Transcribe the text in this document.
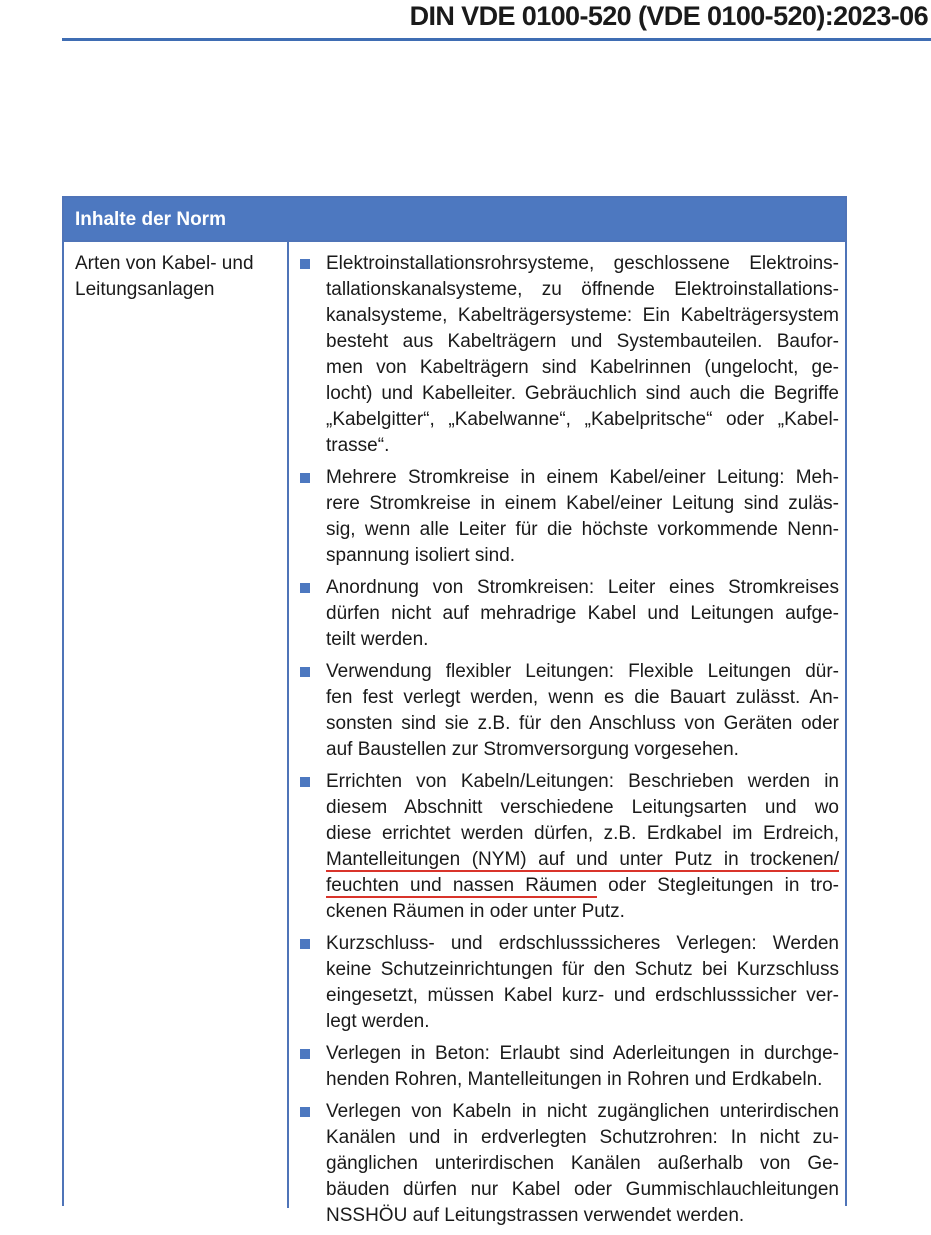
DIN VDE 0100-520 (VDE 0100-520):2023-06
Inhalte der Norm
Arten von Kabel- und
Leitungsanlagen
Elektroinstallationsrohrsysteme, geschlossene Elektroins-
tallationskanalsysteme, zu öffnende Elektroinstallations-
kanalsysteme, Kabelträgersysteme: Ein Kabelträgersystem
besteht aus Kabelträgern und Systembauteilen. Baufor-
men von Kabelträgern sind Kabelrinnen (ungelocht, ge-
locht) und Kabelleiter. Gebräuchlich sind auch die Begriffe
„Kabelgitter“, „Kabelwanne“, „Kabelpritsche“ oder „Kabel-
trasse“.
Mehrere Stromkreise in einem Kabel/einer Leitung: Meh-
rere Stromkreise in einem Kabel/einer Leitung sind zuläs-
sig, wenn alle Leiter für die höchste vorkommende Nenn-
spannung isoliert sind.
Anordnung von Stromkreisen: Leiter eines Stromkreises
dürfen nicht auf mehradrige Kabel und Leitungen aufge-
teilt werden.
Verwendung flexibler Leitungen: Flexible Leitungen dür-
fen fest verlegt werden, wenn es die Bauart zulässt. An-
sonsten sind sie z.B. für den Anschluss von Geräten oder
auf Baustellen zur Stromversorgung vorgesehen.
Errichten von Kabeln/Leitungen: Beschrieben werden in
diesem Abschnitt verschiedene Leitungsarten und wo
diese errichtet werden dürfen, z.B. Erdkabel im Erdreich,
Mantelleitungen (NYM) auf und unter Putz in trockenen/
feuchten und nassen Räumen oder Stegleitungen in tro-
ckenen Räumen in oder unter Putz.
Kurzschluss- und erdschlusssicheres Verlegen: Werden
keine Schutzeinrichtungen für den Schutz bei Kurzschluss
eingesetzt, müssen Kabel kurz- und erdschlusssicher ver-
legt werden.
Verlegen in Beton: Erlaubt sind Aderleitungen in durchge-
henden Rohren, Mantelleitungen in Rohren und Erdkabeln.
Verlegen von Kabeln in nicht zugänglichen unterirdischen
Kanälen und in erdverlegten Schutzrohren: In nicht zu-
gänglichen unterirdischen Kanälen außerhalb von Ge-
bäuden dürfen nur Kabel oder Gummischlauchleitungen
NSSHÖU auf Leitungstrassen verwendet werden.
